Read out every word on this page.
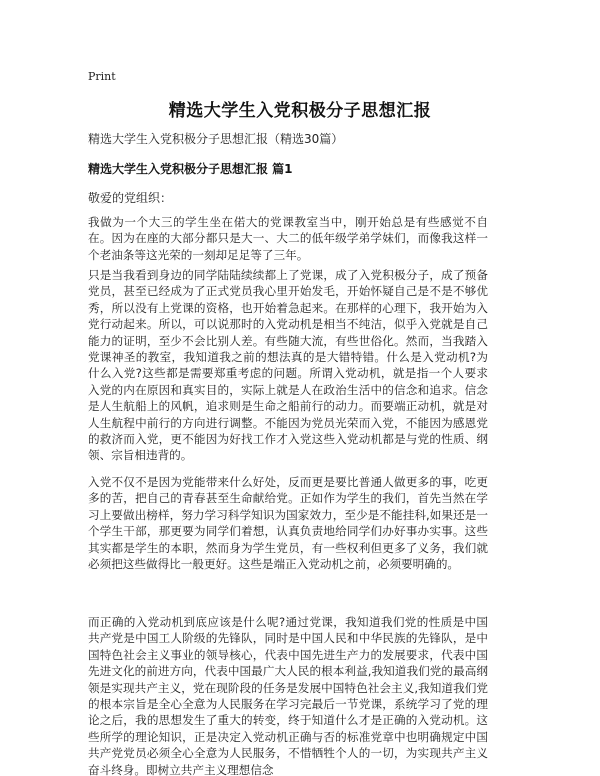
Print
精选大学生入党积极分子思想汇报
精选大学生入党积极分子思想汇报（精选30篇）
精选大学生入党积极分子思想汇报 篇1
敬爱的党组织：

我做为一个大三的学生坐在偌大的党课教室当中，刚开始总是有些感觉不自在。因为在座的大部分都只是大一、大二的低年级学弟学妹们，而像我这样一个老油条等这光荣的一刻却足足等了三年。

只是当我看到身边的同学陆陆续续都上了党课，成了入党积极分子，成了预备党员，甚至已经成为了正式党员我心里开始发毛，开始怀疑自己是不是不够优秀，所以没有上党课的资格，也开始着急起来。在那样的心理下，我开始为入党行动起来。所以，可以说那时的入党动机是相当不纯洁，似乎入党就是自己能力的证明，至少不会比别人差。有些随大流，有些世俗化。然而，当我踏入党课神圣的教室，我知道我之前的想法真的是大错特错。什么是入党动机?为什么入党?这些都是需要郑重考虑的问题。所谓入党动机，就是指一个人要求入党的内在原因和真实目的，实际上就是人在政治生活中的信念和追求。信念是人生航船上的风帆，追求则是生命之船前行的动力。而要端正动机，就是对人生航程中前行的方向进行调整。不能因为党员光荣而入党，不能因为感恩党的救济而入党，更不能因为好找工作才入党这些入党动机都是与党的性质、纲领、宗旨相违背的。

入党不仅不是因为党能带来什么好处，反而更是要比普通人做更多的事，吃更多的苦，把自己的青春甚至生命献给党。正如作为学生的我们，首先当然在学习上要做出榜样，努力学习科学知识为国家效力，至少是不能挂科,如果还是一个学生干部，那更要为同学们着想，认真负责地给同学们办好事办实事。这些其实都是学生的本职，然而身为学生党员，有一些权利但更多了义务，我们就必须把这些做得比一般更好。这些是端正入党动机之前，必须要明确的。

而正确的入党动机到底应该是什么呢?通过党课，我知道我们党的性质是中国共产党是中国工人阶级的先锋队，同时是中国人民和中华民族的先锋队，是中国特色社会主义事业的领导核心，代表中国先进生产力的发展要求，代表中国先进文化的前进方向，代表中国最广大人民的根本利益,我知道我们党的最高纲领是实现共产主义，党在现阶段的任务是发展中国特色社会主义,我知道我们党的根本宗旨是全心全意为人民服务在学习完最后一节党课，系统学习了党的理论之后，我的思想发生了重大的转变，终于知道什么才是正确的入党动机。这些所学的理论知识，正是决定入党动机正确与否的标准党章中也明确规定中国共产党党员必须全心全意为人民服务，不惜牺牲个人的一切，为实现共产主义奋斗终身。即树立共产主义理想信念
